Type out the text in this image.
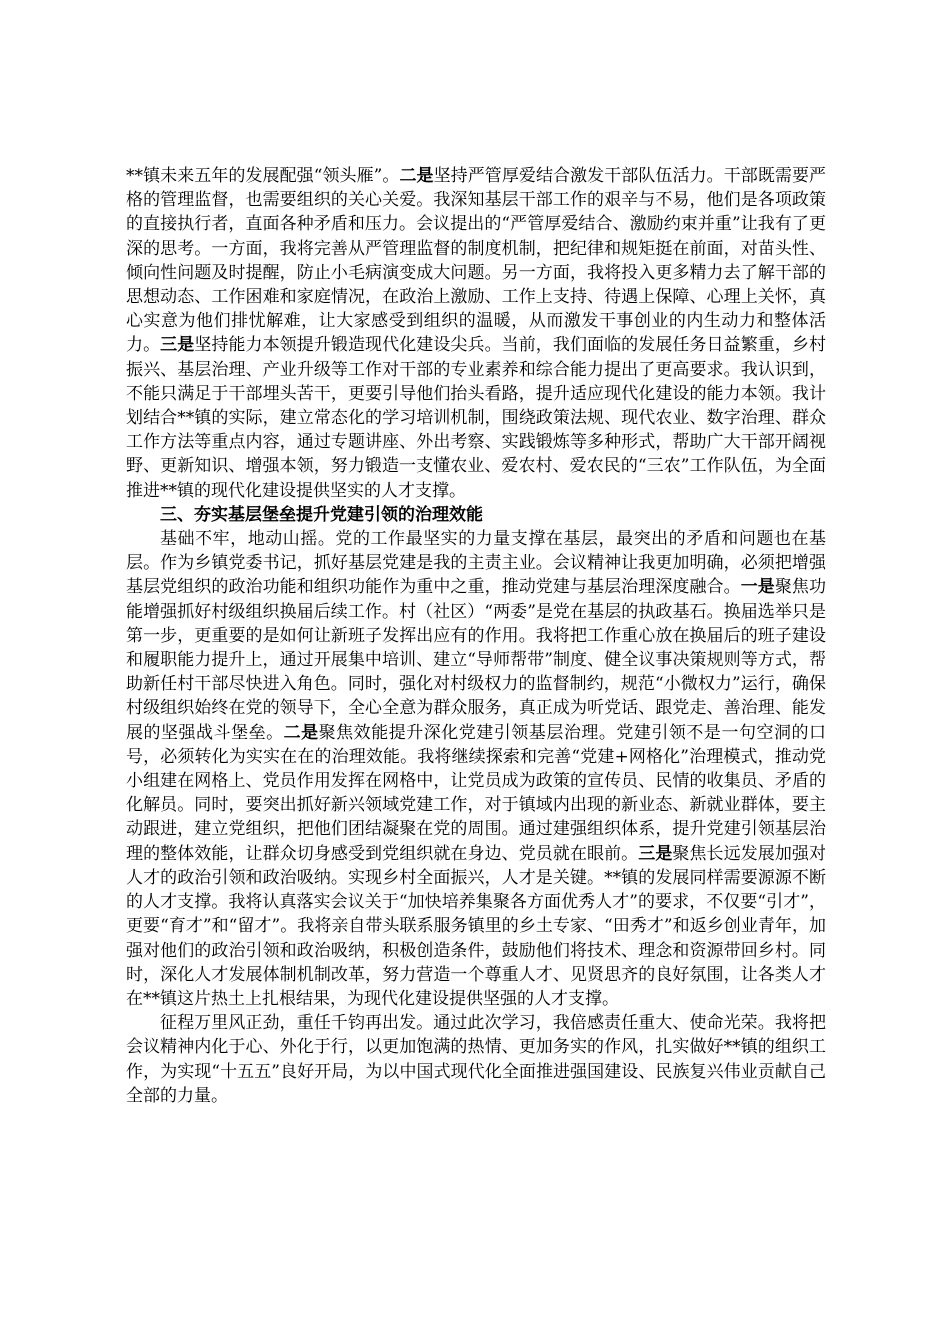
**镇未来五年的发展配强“领头雁”。二是坚持严管厚爱结合激发干部队伍活力。干部既需要严格的管理监督，也需要组织的关心关爱。我深知基层干部工作的艰辛与不易，他们是各项政策的直接执行者，直面各种矛盾和压力。会议提出的“严管厚爱结合、激励约束并重”让我有了更深的思考。一方面，我将完善从严管理监督的制度机制，把纪律和规矩挺在前面，对苗头性、倾向性问题及时提醒，防止小毛病演变成大问题。另一方面，我将投入更多精力去了解干部的思想动态、工作困难和家庭情况，在政治上激励、工作上支持、待遇上保障、心理上关怀，真心实意为他们排忧解难，让大家感受到组织的温暖，从而激发干事创业的内生动力和整体活力。三是坚持能力本领提升锻造现代化建设尖兵。当前，我们面临的发展任务日益繁重，乡村振兴、基层治理、产业升级等工作对干部的专业素养和综合能力提出了更高要求。我认识到，不能只满足于干部埋头苦干，更要引导他们抬头看路，提升适应现代化建设的能力本领。我计划结合**镇的实际，建立常态化的学习培训机制，围绕政策法规、现代农业、数字治理、群众工作方法等重点内容，通过专题讲座、外出考察、实践锻炼等多种形式，帮助广大干部开阔视野、更新知识、增强本领，努力锻造一支懂农业、爱农村、爱农民的“三农”工作队伍，为全面推进**镇的现代化建设提供坚实的人才支撑。

三、夯实基层堡垒提升党建引领的治理效能

基础不牢，地动山摇。党的工作最坚实的力量支撑在基层，最突出的矛盾和问题也在基层。作为乡镇党委书记，抓好基层党建是我的主责主业。会议精神让我更加明确，必须把增强基层党组织的政治功能和组织功能作为重中之重，推动党建与基层治理深度融合。一是聚焦功能增强抓好村级组织换届后续工作。村（社区）“两委”是党在基层的执政基石。换届选举只是第一步，更重要的是如何让新班子发挥出应有的作用。我将把工作重心放在换届后的班子建设和履职能力提升上，通过开展集中培训、建立“导师帮带”制度、健全议事决策规则等方式，帮助新任村干部尽快进入角色。同时，强化对村级权力的监督制约，规范“小微权力”运行，确保村级组织始终在党的领导下，全心全意为群众服务，真正成为听党话、跟党走、善治理、能发展的坚强战斗堡垒。二是聚焦效能提升深化党建引领基层治理。党建引领不是一句空洞的口号，必须转化为实实在在的治理效能。我将继续探索和完善“党建+网格化”治理模式，推动党小组建在网格上、党员作用发挥在网格中，让党员成为政策的宣传员、民情的收集员、矛盾的化解员。同时，要突出抓好新兴领域党建工作，对于镇域内出现的新业态、新就业群体，要主动跟进，建立党组织，把他们团结凝聚在党的周围。通过建强组织体系，提升党建引领基层治理的整体效能，让群众切身感受到党组织就在身边、党员就在眼前。三是聚焦长远发展加强对人才的政治引领和政治吸纳。实现乡村全面振兴，人才是关键。**镇的发展同样需要源源不断的人才支撑。我将认真落实会议关于“加快培养集聚各方面优秀人才”的要求，不仅要“引才”，更要“育才”和“留才”。我将亲自带头联系服务镇里的乡土专家、“田秀才”和返乡创业青年，加强对他们的政治引领和政治吸纳，积极创造条件，鼓励他们将技术、理念和资源带回乡村。同时，深化人才发展体制机制改革，努力营造一个尊重人才、见贤思齐的良好氛围，让各类人才在**镇这片热土上扎根结果，为现代化建设提供坚强的人才支撑。

征程万里风正劲，重任千钧再出发。通过此次学习，我倍感责任重大、使命光荣。我将把会议精神内化于心、外化于行，以更加饱满的热情、更加务实的作风，扎实做好**镇的组织工作，为实现“十五五”良好开局，为以中国式现代化全面推进强国建设、民族复兴伟业贡献自己全部的力量。
